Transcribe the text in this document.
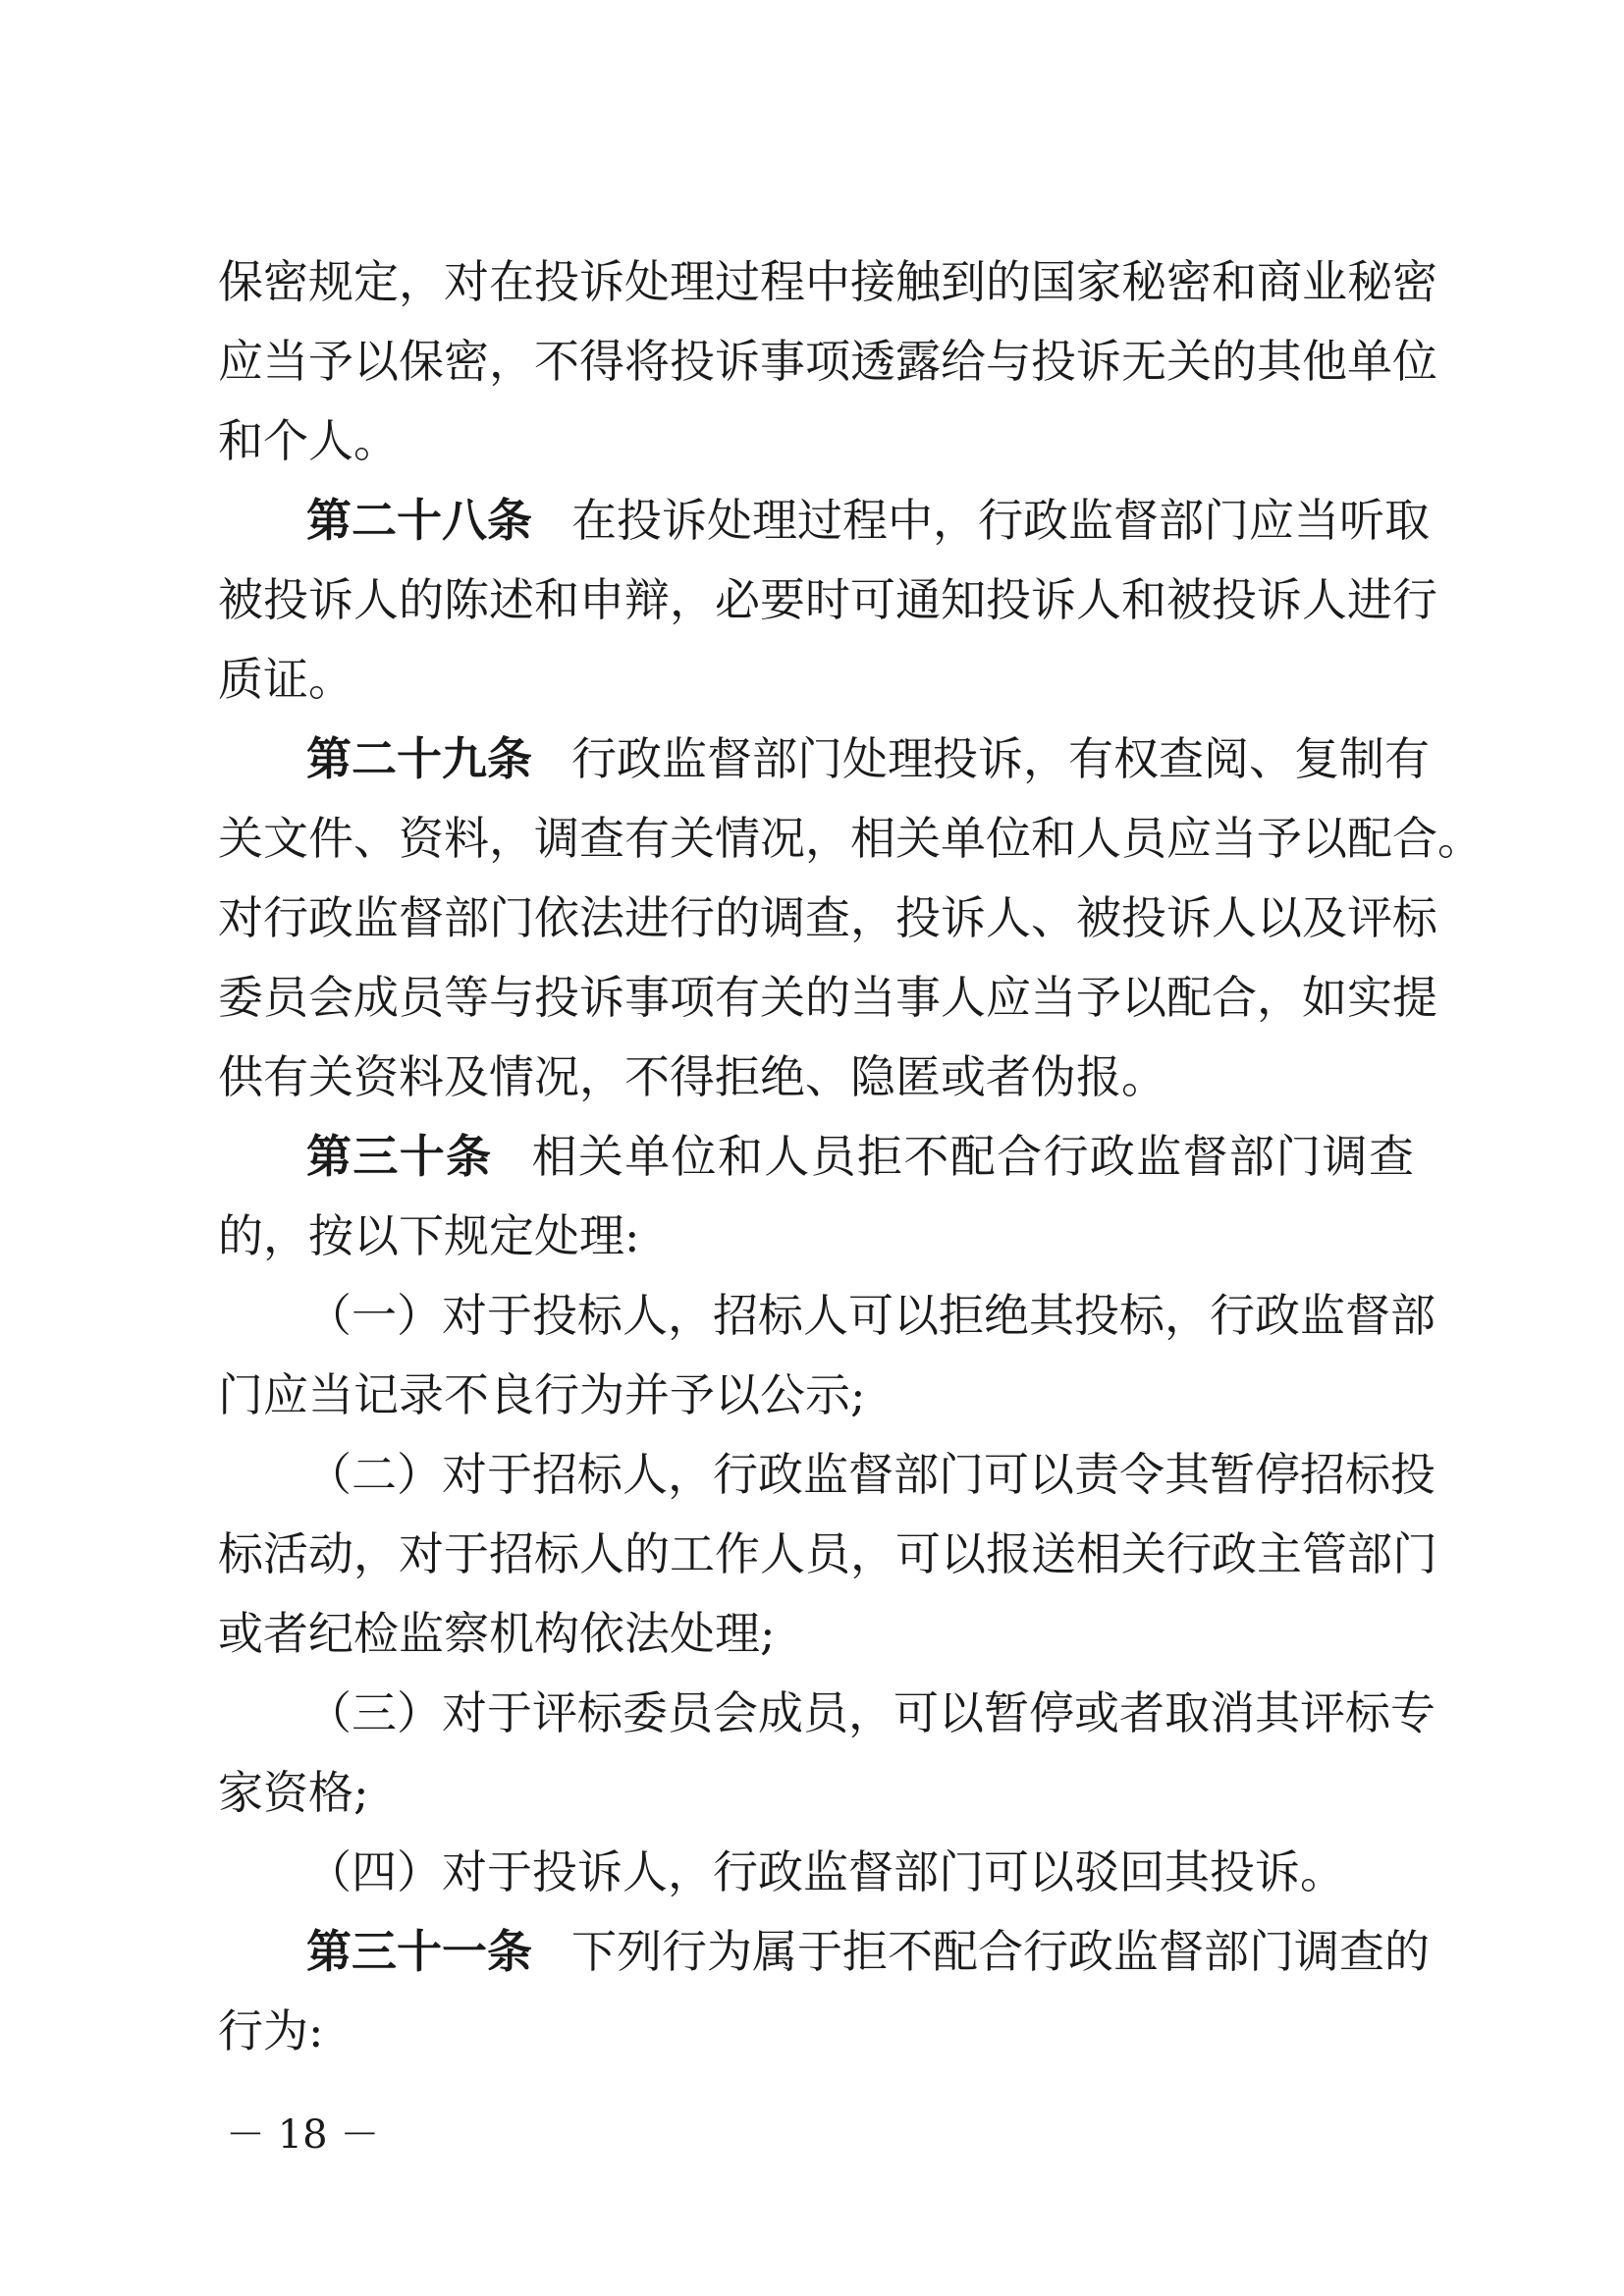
保密规定，对在投诉处理过程中接触到的国家秘密和商业秘密
应当予以保密，不得将投诉事项透露给与投诉无关的其他单位
和个人。
第二十八条 在投诉处理过程中，行政监督部门应当听取
被投诉人的陈述和申辩，必要时可通知投诉人和被投诉人进行
质证。
第二十九条 行政监督部门处理投诉，有权查阅、复制有
关文件、资料，调查有关情况，相关单位和人员应当予以配合。
对行政监督部门依法进行的调查，投诉人、被投诉人以及评标
委员会成员等与投诉事项有关的当事人应当予以配合，如实提
供有关资料及情况，不得拒绝、隐匿或者伪报。
第三十条 相关单位和人员拒不配合行政监督部门调查
的，按以下规定处理:
（一）对于投标人，招标人可以拒绝其投标，行政监督部
门应当记录不良行为并予以公示;
（二）对于招标人，行政监督部门可以责令其暂停招标投
标活动，对于招标人的工作人员，可以报送相关行政主管部门
或者纪检监察机构依法处理;
（三）对于评标委员会成员，可以暂停或者取消其评标专
家资格;
（四）对于投诉人，行政监督部门可以驳回其投诉。
第三十一条 下列行为属于拒不配合行政监督部门调查的
行为:
－ 18 －
